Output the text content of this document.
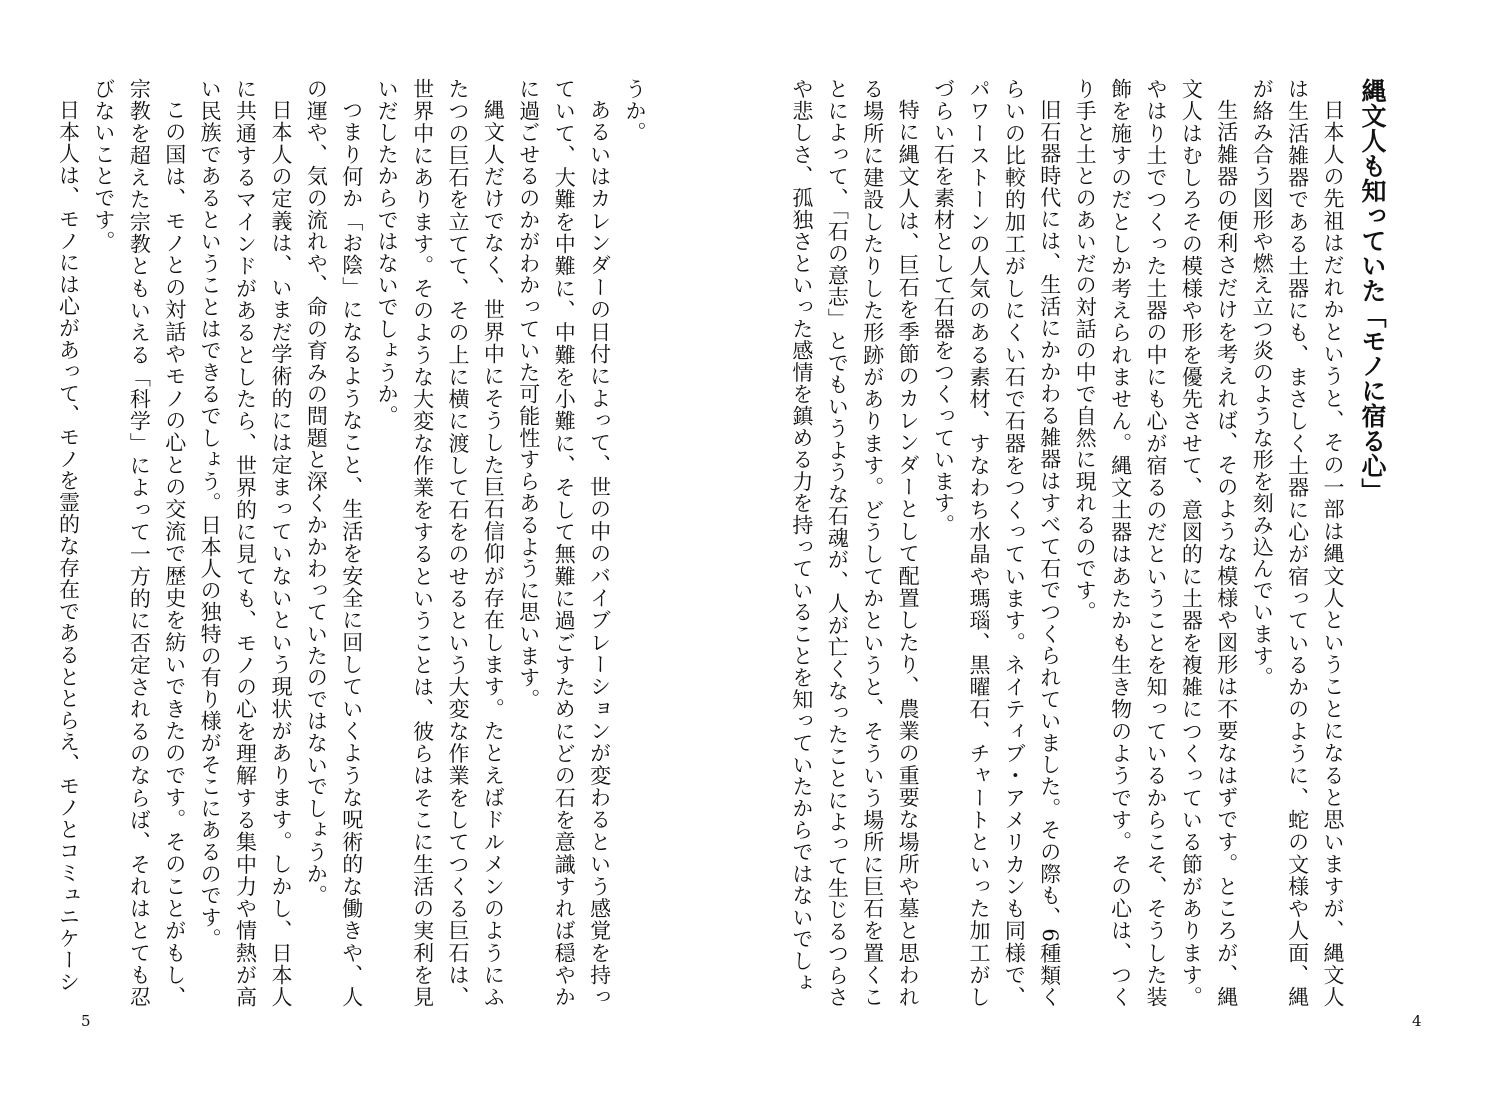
縄文人も知っていた「モノに宿る心」

日本人の先祖はだれかというと、その一部は縄文人ということになると思いますが、縄文人は生活雑器である土器にも、まさしく土器に心が宿っているかのように、蛇の文様や人面、縄が絡み合う図形や燃え立つ炎のような形を刻み込んでいます。

生活雑器の便利さだけを考えれば、そのような模様や図形は不要なはずです。ところが、縄文人はむしろその模様や形を優先させて、意図的に土器を複雑につくっている節があります。やはり土でつくった土器の中にも心が宿るのだということを知っているからこそ、そうした装飾を施すのだとしか考えられません。縄文土器はあたかも生き物のようです。その心は、つくり手と土とのあいだの対話の中で自然に現れるのです。

旧石器時代には、生活にかかわる雑器はすべて石でつくられていました。その際も、6種類くらいの比較的加工がしにくい石で石器をつくっています。ネイティブ・アメリカンも同様で、パワーストーンの人気のある素材、すなわち水晶や瑪瑙、黒曜石、チャートといった加工がしづらい石を素材として石器をつくっています。

特に縄文人は、巨石を季節のカレンダーとして配置したり、農業の重要な場所や墓と思われる場所に建設したりした形跡があります。どうしてかというと、そういう場所に巨石を置くことによって、「石の意志」とでもいうような石魂が、人が亡くなったことによって生じるつらさや悲しさ、孤独さといった感情を鎮める力を持っていることを知っていたからではないでしょ

4

うか。

あるいはカレンダーの日付によって、世の中のバイブレーションが変わるという感覚を持っていて、大難を中難に、中難を小難に、そして無難に過ごすためにどの石を意識すれば穏やかに過ごせるのかがわかっていた可能性すらあるように思います。

縄文人だけでなく、世界中にそうした巨石信仰が存在します。たとえばドルメンのようにふたつの巨石を立てて、その上に横に渡して石をのせるという大変な作業をしてつくる巨石は、世界中にあります。そのような大変な作業をするということは、彼らはそこに生活の実利を見いだしたからではないでしょうか。

つまり何か「お陰」になるようなこと、生活を安全に回していくような呪術的な働きや、人の運や、気の流れや、命の育みの問題と深くかかわっていたのではないでしょうか。

日本人の定義は、いまだ学術的には定まっていないという現状があります。しかし、日本人に共通するマインドがあるとしたら、世界的に見ても、モノの心を理解する集中力や情熱が高い民族であるということはできるでしょう。日本人の独特の有り様がそこにあるのです。

この国は、モノとの対話やモノの心との交流で歴史を紡いできたのです。そのことがもし、宗教を超えた宗教ともいえる「科学」によって一方的に否定されるのならば、それはとても忍びないことです。

日本人は、モノには心があって、モノを霊的な存在であるととらえ、モノとコミュニケーシ

5
